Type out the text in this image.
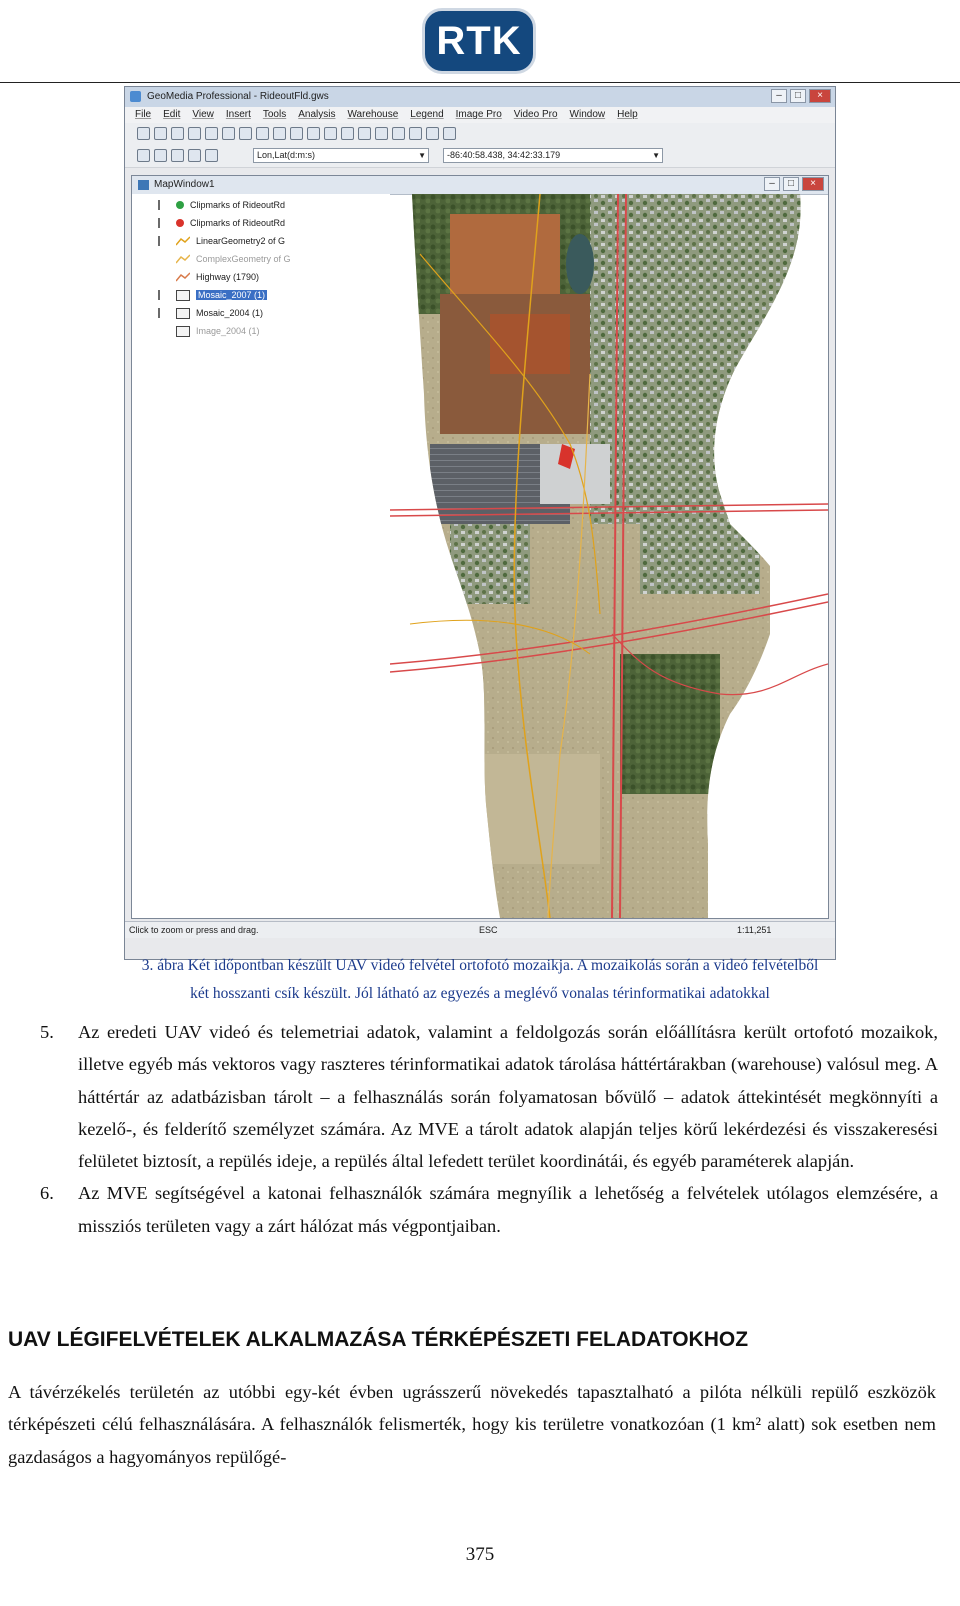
RTK
GeoMedia Professional - RideoutFld.gws	–	□	×
File Edit View Insert Tools Analysis Warehouse Legend Image Pro Video Pro Window Help
Lon,Lat(d:m:s)	▼	-86:40:58.438, 34:42:33.179	▼
MapWindow1	–	□	×
Clipmarks of RideoutRd
Clipmarks of RideoutRd
LinearGeometry2 of G
ComplexGeometry of G
Highway (1790)
Mosaic_2007 (1)
Mosaic_2004 (1)
Image_2004 (1)
Click to zoom or press and drag.	ESC	1:11,251
3. ábra Két időpontban készült UAV videó felvétel ortofotó mozaikja. A mozaikolás során a videó felvételből
két hosszanti csík készült. Jól látható az egyezés a meglévő vonalas térinformatikai adatokkal

5. Az eredeti UAV videó és telemetriai adatok, valamint a feldolgozás során előállításra került ortofotó mozaikok, illetve egyéb más vektoros vagy raszteres térinformatikai adatok tárolása háttértárakban (warehouse) valósul meg. A háttértár az adatbázisban tárolt – a felhasználás során folyamatosan bővülő – adatok áttekintését megkönnyíti a kezelő-, és felderítő személyzet számára. Az MVE a tárolt adatok alapján teljes körű lekérdezési és visszakeresési felületet biztosít, a repülés ideje, a repülés által lefedett terület koordinátái, és egyéb paraméterek alapján.

6. Az MVE segítségével a katonai felhasználók számára megnyílik a lehetőség a felvételek utólagos elemzésére, a missziós területen vagy a zárt hálózat más végpontjaiban.

UAV LÉGIFELVÉTELEK ALKALMAZÁSA TÉRKÉPÉSZETI FELADATOKHOZ

A távérzékelés területén az utóbbi egy-két évben ugrásszerű növekedés tapasztalható a pilóta nélküli repülő eszközök térképészeti célú felhasználására. A felhasználók felismerték, hogy kis területre vonatkozóan (1 km² alatt) sok esetben nem gazdaságos a hagyományos repülőgé-

375
